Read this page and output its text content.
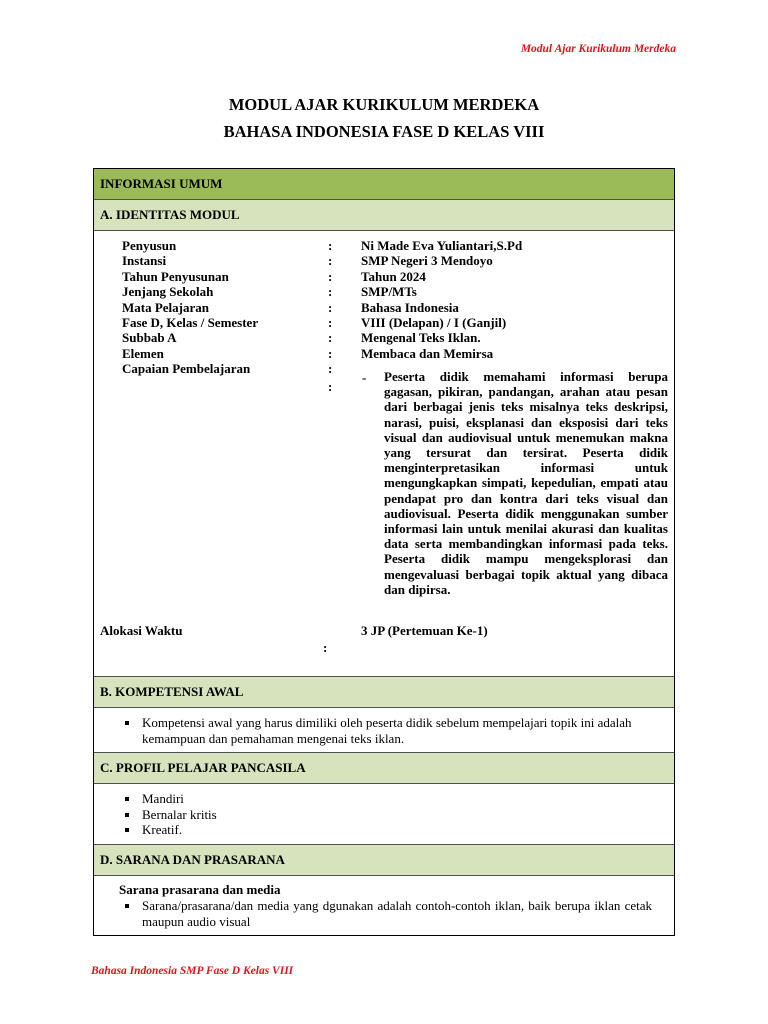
Modul Ajar Kurikulum Merdeka
MODUL AJAR KURIKULUM MERDEKA
BAHASA INDONESIA FASE D KELAS VIII
INFORMASI UMUM
A. IDENTITAS MODUL
Penyusun	: Ni Made Eva Yuliantari,S.Pd
Instansi	: SMP Negeri 3 Mendoyo
Tahun Penyusunan	: Tahun 2024
Jenjang Sekolah	: SMP/MTs
Mata Pelajaran	: Bahasa Indonesia
Fase D, Kelas / Semester	: VIII (Delapan) / I (Ganjil)
Subbab A	: Mengenal Teks Iklan.
Elemen	: Membaca dan Memirsa
Capaian Pembelajaran	:
:
- Peserta didik memahami informasi berupa gagasan, pikiran, pandangan, arahan atau pesan dari berbagai jenis teks misalnya teks deskripsi, narasi, puisi, eksplanasi dan eksposisi dari teks visual dan audiovisual untuk menemukan makna yang tersurat dan tersirat. Peserta didik menginterpretasikan informasi untuk mengungkapkan simpati, kepedulian, empati atau pendapat pro dan kontra dari teks visual dan audiovisual. Peserta didik menggunakan sumber informasi lain untuk menilai akurasi dan kualitas data serta membandingkan informasi pada teks. Peserta didik mampu mengeksplorasi dan mengevaluasi berbagai topik aktual yang dibaca dan dipirsa.
Alokasi Waktu	3 JP (Pertemuan Ke-1)
:
B. KOMPETENSI AWAL
Kompetensi awal yang harus dimiliki oleh peserta didik sebelum mempelajari topik ini adalah kemampuan dan pemahaman mengenai teks iklan.
C. PROFIL PELAJAR PANCASILA
Mandiri
Bernalar kritis
Kreatif.
D. SARANA DAN PRASARANA
Sarana prasarana dan media
Sarana/prasarana/dan media yang dgunakan adalah contoh-contoh iklan, baik berupa iklan cetak maupun audio visual
Bahasa Indonesia SMP Fase D Kelas VIII
